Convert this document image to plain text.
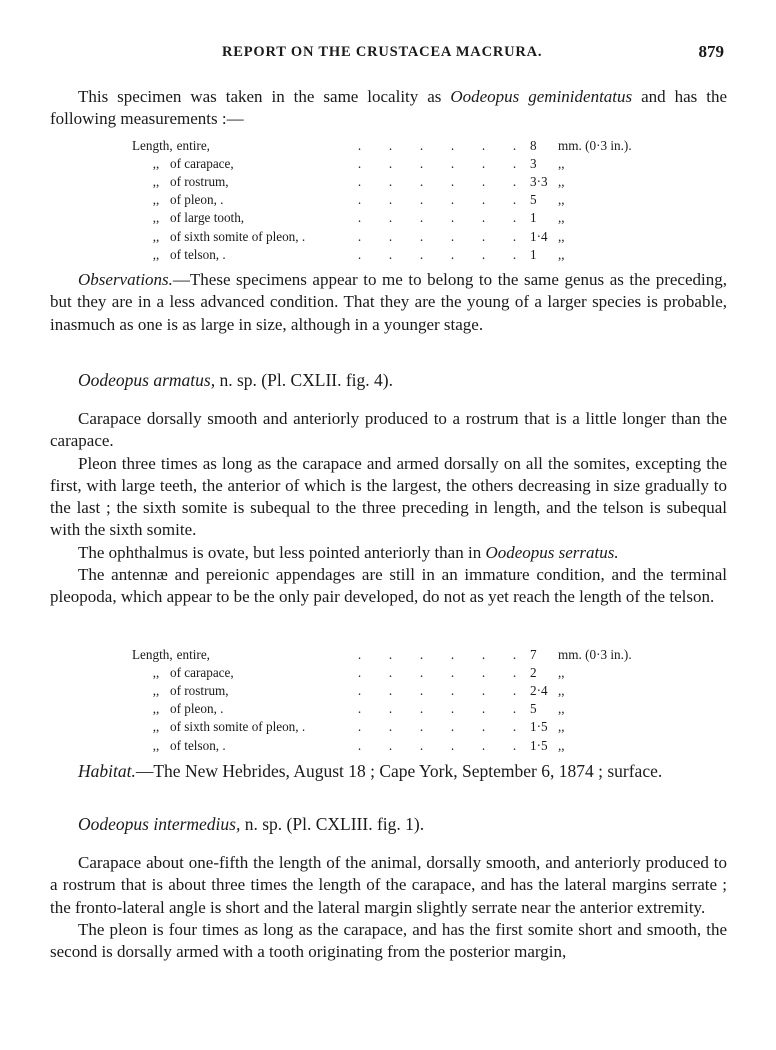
REPORT ON THE CRUSTACEA MACRURA.	879

This specimen was taken in the same locality as Oodeopus geminidentatus and has the following measurements :—

Length, entire,	. . . . . .	8	mm. (0·3 in.).
,, of carapace,	. . . . . .	3	,,
,, of rostrum,	. . . . . .	3·3	,,
,, of pleon, .	. . . . . .	5	,,
,, of large tooth,	. . . . . .	1	,,
,, of sixth somite of pleon, .	. . . . . .	1·4	,,
,, of telson, .	. . . . . .	1	,,

Observations.—These specimens appear to me to belong to the same genus as the preceding, but they are in a less advanced condition. That they are the young of a larger species is probable, inasmuch as one is as large in size, although in a younger stage.

Oodeopus armatus, n. sp. (Pl. CXLII. fig. 4).

Carapace dorsally smooth and anteriorly produced to a rostrum that is a little longer than the carapace.

Pleon three times as long as the carapace and armed dorsally on all the somites, excepting the first, with large teeth, the anterior of which is the largest, the others decreasing in size gradually to the last ; the sixth somite is subequal to the three preceding in length, and the telson is subequal with the sixth somite.

The ophthalmus is ovate, but less pointed anteriorly than in Oodeopus serratus.

The antennæ and pereionic appendages are still in an immature condition, and the terminal pleopoda, which appear to be the only pair developed, do not as yet reach the length of the telson.

Length, entire,	. . . . . .	7	mm. (0·3 in.).
,, of carapace,	. . . . . .	2	,,
,, of rostrum,	. . . . . .	2·4	,,
,, of pleon, .	. . . . . .	5	,,
,, of sixth somite of pleon, .	. . . . . .	1·5	,,
,, of telson, .	. . . . . .	1·5	,,

Habitat.—The New Hebrides, August 18 ; Cape York, September 6, 1874 ; surface.

Oodeopus intermedius, n. sp. (Pl. CXLIII. fig. 1).

Carapace about one-fifth the length of the animal, dorsally smooth, and anteriorly produced to a rostrum that is about three times the length of the carapace, and has the lateral margins serrate ; the fronto-lateral angle is short and the lateral margin slightly serrate near the anterior extremity.

The pleon is four times as long as the carapace, and has the first somite short and smooth, the second is dorsally armed with a tooth originating from the posterior margin,
